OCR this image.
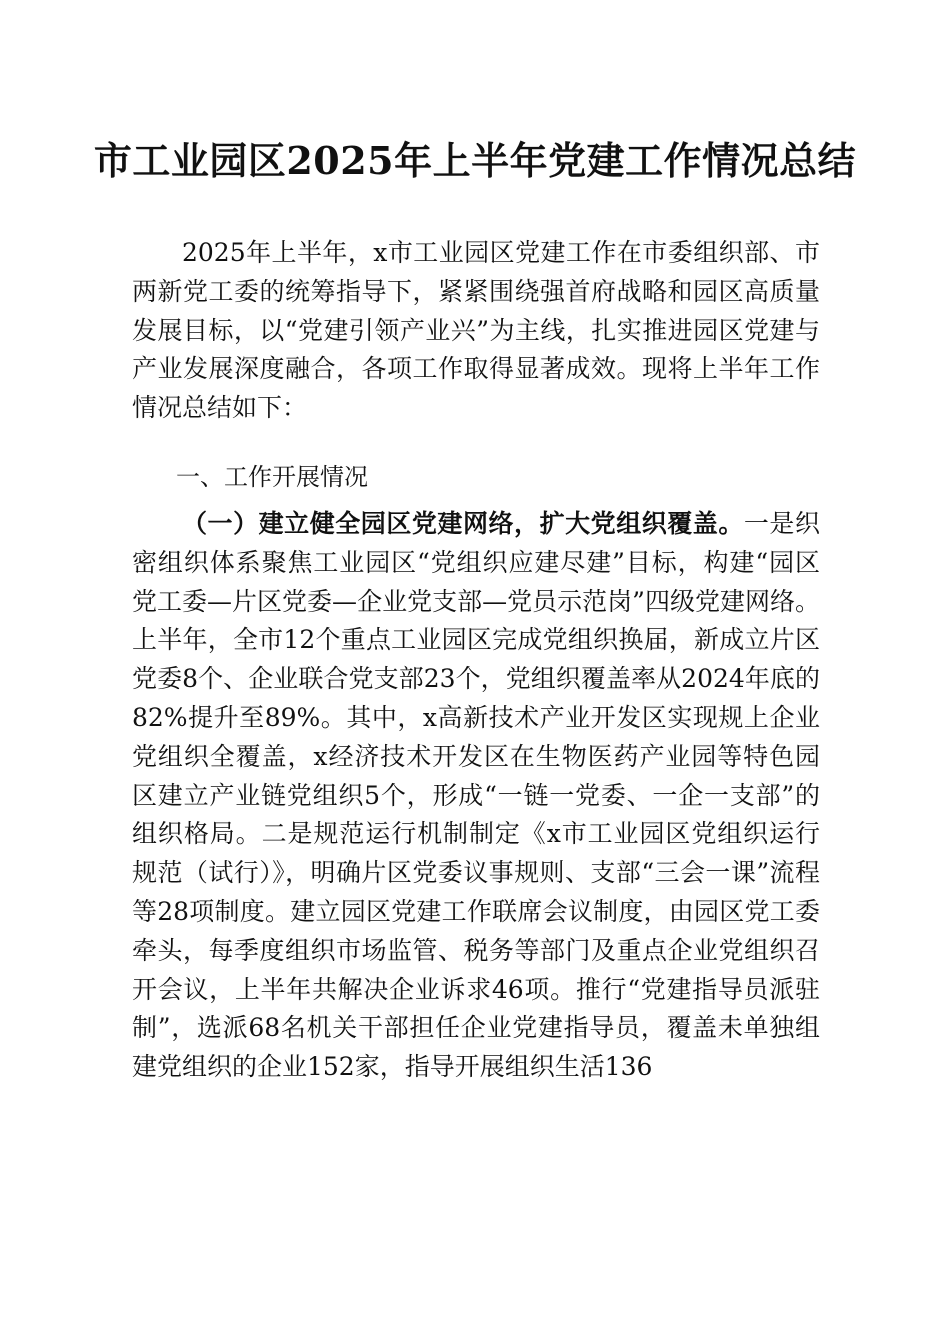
市工业园区2025年上半年党建工作情况总结
2025年上半年，x市工业园区党建工作在市委组织部、市两新党工委的统筹指导下，紧紧围绕强首府战略和园区高质量发展目标，以“党建引领产业兴”为主线，扎实推进园区党建与产业发展深度融合，各项工作取得显著成效。现将上半年工作情况总结如下：
一、工作开展情况
（一）建立健全园区党建网络，扩大党组织覆盖。一是织密组织体系聚焦工业园区“党组织应建尽建”目标，构建“园区党工委—片区党委—企业党支部—党员示范岗”四级党建网络。上半年，全市12个重点工业园区完成党组织换届，新成立片区党委8个、企业联合党支部23个，党组织覆盖率从2024年底的82%提升至89%。其中，x高新技术产业开发区实现规上企业党组织全覆盖，x经济技术开发区在生物医药产业园等特色园区建立产业链党组织5个，形成“一链一党委、一企一支部”的组织格局。二是规范运行机制制定《x市工业园区党组织运行规范（试行）》，明确片区党委议事规则、支部“三会一课”流程等28项制度。建立园区党建工作联席会议制度，由园区党工委牵头，每季度组织市场监管、税务等部门及重点企业党组织召开会议，上半年共解决企业诉求46项。推行“党建指导员派驻制”，选派68名机关干部担任企业党建指导员，覆盖未单独组建党组织的企业152家，指导开展组织生活136
